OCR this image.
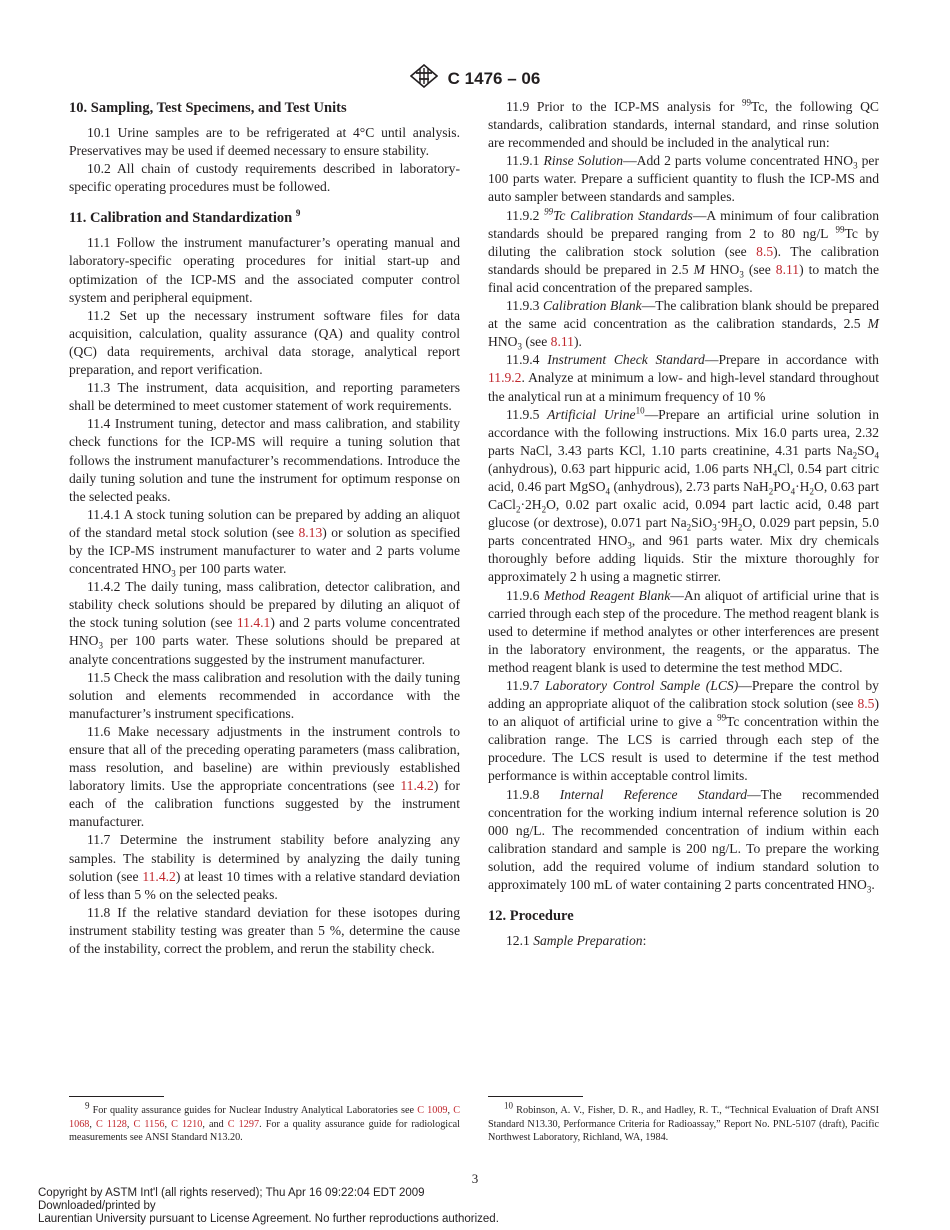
C 1476 – 06
10. Sampling, Test Specimens, and Test Units

10.1 Urine samples are to be refrigerated at 4°C until analysis. Preservatives may be used if deemed necessary to ensure stability.

10.2 All chain of custody requirements described in laboratory-specific operating procedures must be followed.

11. Calibration and Standardization $^9$

11.1 Follow the instrument manufacturer’s operating manual and laboratory-specific operating procedures for initial start-up and optimization of the ICP-MS and the associated computer control system and peripheral equipment.

11.2 Set up the necessary instrument software files for data acquisition, calculation, quality assurance (QA) and quality control (QC) data requirements, archival data storage, analytical report preparation, and report verification.

11.3 The instrument, data acquisition, and reporting parameters shall be determined to meet customer statement of work requirements.

11.4 Instrument tuning, detector and mass calibration, and stability check functions for the ICP-MS will require a tuning solution that follows the instrument manufacturer’s recommendations. Introduce the daily tuning solution and tune the instrument for optimum response on the selected peaks.

11.4.1 A stock tuning solution can be prepared by adding an aliquot of the standard metal stock solution (see 8.13) or solution as specified by the ICP-MS instrument manufacturer to water and 2 parts volume concentrated $HNO_3$ per 100 parts water.

11.4.2 The daily tuning, mass calibration, detector calibration, and stability check solutions should be prepared by diluting an aliquot of the stock tuning solution (see 11.4.1) and 2 parts volume concentrated $HNO_3$ per 100 parts water. These solutions should be prepared at analyte concentrations suggested by the instrument manufacturer.

11.5 Check the mass calibration and resolution with the daily tuning solution and elements recommended in accordance with the manufacturer’s instrument specifications.

11.6 Make necessary adjustments in the instrument controls to ensure that all of the preceding operating parameters (mass calibration, mass resolution, and baseline) are within previously established laboratory limits. Use the appropriate concentrations (see 11.4.2) for each of the calibration functions suggested by the instrument manufacturer.

11.7 Determine the instrument stability before analyzing any samples. The stability is determined by analyzing the daily tuning solution (see 11.4.2) at least 10 times with a relative standard deviation of less than 5 % on the selected peaks.

11.8 If the relative standard deviation for these isotopes during instrument stability testing was greater than 5 %, determine the cause of the instability, correct the problem, and rerun the stability check.

11.9 Prior to the ICP-MS analysis for $^{99}$Tc, the following QC standards, calibration standards, internal standard, and rinse solution are recommended and should be included in the analytical run:

11.9.1 Rinse Solution—Add 2 parts volume concentrated $HNO_3$ per 100 parts water. Prepare a sufficient quantity to flush the ICP-MS and auto sampler between standards and samples.

11.9.2 $^{99}$Tc Calibration Standards—A minimum of four calibration standards should be prepared ranging from 2 to 80 ng/L $^{99}$Tc by diluting the calibration stock solution (see 8.5). The calibration standards should be prepared in 2.5 M $HNO_3$ (see 8.11) to match the final acid concentration of the prepared samples.

11.9.3 Calibration Blank—The calibration blank should be prepared at the same acid concentration as the calibration standards, 2.5 M $HNO_3$ (see 8.11).

11.9.4 Instrument Check Standard—Prepare in accordance with 11.9.2. Analyze at minimum a low- and high-level standard throughout the analytical run at a minimum frequency of 10 %

11.9.5 Artificial Urine$^{10}$—Prepare an artificial urine solution in accordance with the following instructions. Mix 16.0 parts urea, 2.32 parts NaCl, 3.43 parts KCl, 1.10 parts creatinine, 4.31 parts $Na_2SO_4$ (anhydrous), 0.63 part hippuric acid, 1.06 parts $NH_4Cl$, 0.54 part citric acid, 0.46 part MgSO$_4$ (anhydrous), 2.73 parts $NaH_2PO_4\cdot H_2O$, 0.63 part $CaCl_2\cdot 2H_2O$, 0.02 part oxalic acid, 0.094 part lactic acid, 0.48 part glucose (or dextrose), 0.071 part $Na_2SiO_3\cdot 9H_2O$, 0.029 part pepsin, 5.0 parts concentrated $HNO_3$, and 961 parts water. Mix dry chemicals thoroughly before adding liquids. Stir the mixture thoroughly for approximately 2 h using a magnetic stirrer.

11.9.6 Method Reagent Blank—An aliquot of artificial urine that is carried through each step of the procedure. The method reagent blank is used to determine if method analytes or other interferences are present in the laboratory environment, the reagents, or the apparatus. The method reagent blank is used to determine the test method MDC.

11.9.7 Laboratory Control Sample (LCS)—Prepare the control by adding an appropriate aliquot of the calibration stock solution (see 8.5) to an aliquot of artificial urine to give a $^{99}$Tc concentration within the calibration range. The LCS is carried through each step of the procedure. The LCS result is used to determine if the test method performance is within acceptable control limits.

11.9.8 Internal Reference Standard—The recommended concentration for the working indium internal reference solution is 20 000 ng/L. The recommended concentration of indium within each calibration standard and sample is 200 ng/L. To prepare the working solution, add the required volume of indium standard solution to approximately 100 mL of water containing 2 parts concentrated $HNO_3$.

12. Procedure

12.1 Sample Preparation:

$^9$ For quality assurance guides for Nuclear Industry Analytical Laboratories see C 1009, C 1068, C 1128, C 1156, C 1210, and C 1297. For a quality assurance guide for radiological measurements see ANSI Standard N13.20.

$^{10}$ Robinson, A. V., Fisher, D. R., and Hadley, R. T., “Technical Evaluation of Draft ANSI Standard N13.30, Performance Criteria for Radioassay,” Report No. PNL-5107 (draft), Pacific Northwest Laboratory, Richland, WA, 1984.

3
Copyright by ASTM Int'l (all rights reserved); Thu Apr 16 09:22:04 EDT 2009
Downloaded/printed by
Laurentian University pursuant to License Agreement. No further reproductions authorized.
